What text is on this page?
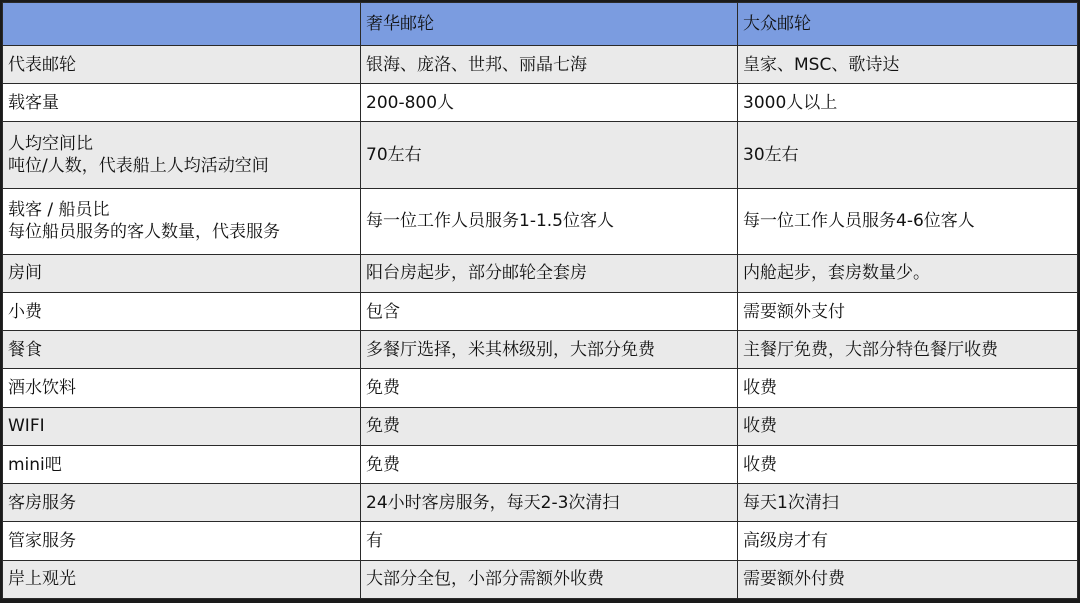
	奢华邮轮	大众邮轮

代表邮轮	银海、庞洛、世邦、丽晶七海	皇家、MSC、歌诗达

载客量	200-800人	3000人以上

人均空间比
吨位/人数，代表船上人均活动空间	70左右	30左右

载客 / 船员比
每位船员服务的客人数量，代表服务	每一位工作人员服务1-1.5位客人	每一位工作人员服务4-6位客人

房间	阳台房起步，部分邮轮全套房	内舱起步，套房数量少。

小费	包含	需要额外支付

餐食	多餐厅选择，米其林级别，大部分免费	主餐厅免费，大部分特色餐厅收费

酒水饮料	免费	收费

WIFI	免费	收费

mini吧	免费	收费

客房服务	24小时客房服务，每天2-3次清扫	每天1次清扫

管家服务	有	高级房才有

岸上观光	大部分全包，小部分需额外收费	需要额外付费
